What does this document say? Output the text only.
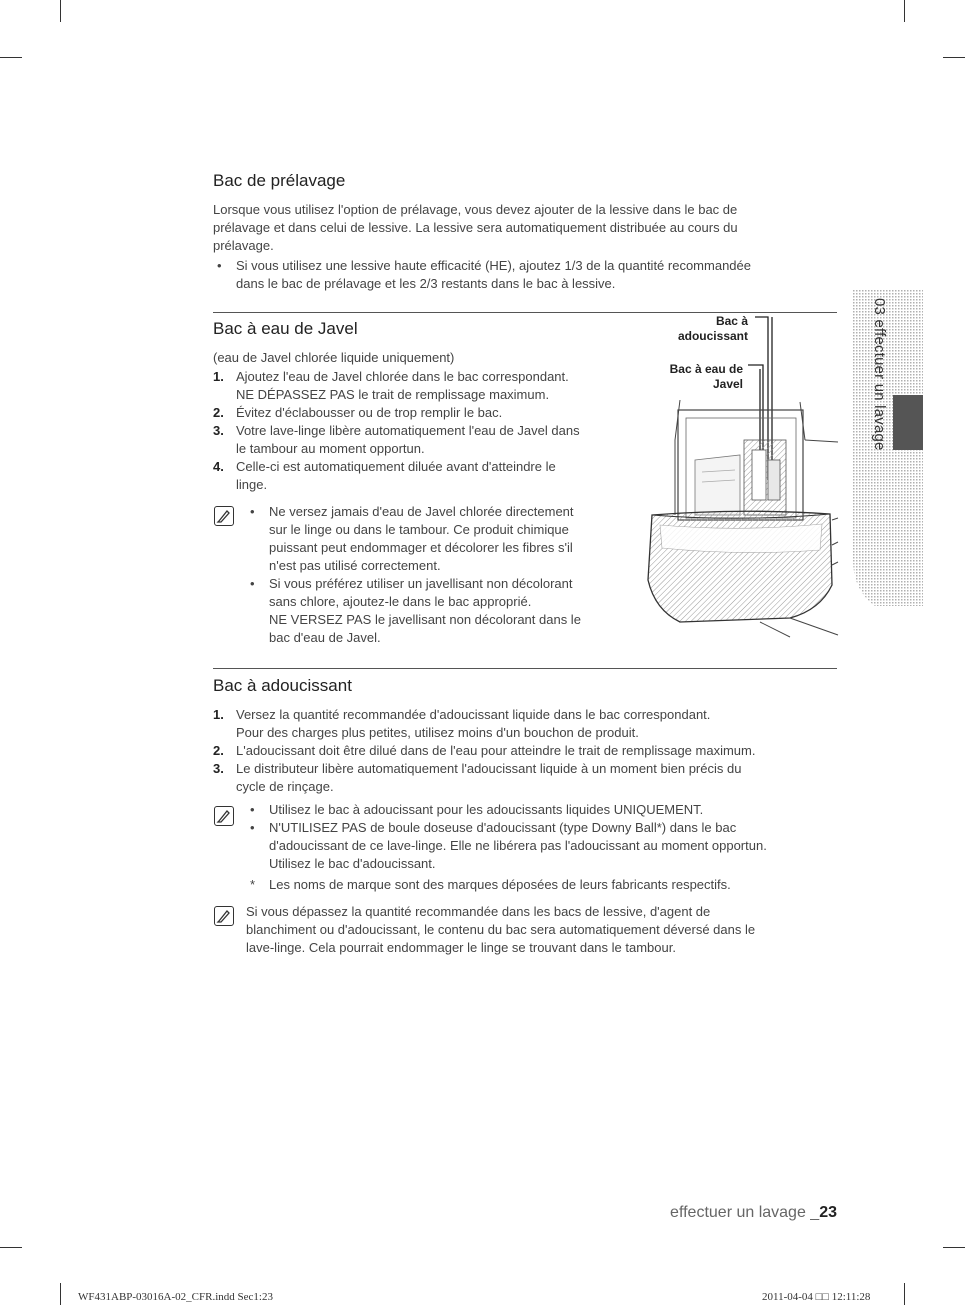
Bac de prélavage
Lorsque vous utilisez l'option de prélavage, vous devez ajouter de la lessive dans le bac de
prélavage et dans celui de lessive. La lessive sera automatiquement distribuée au cours du
prélavage.
• Si vous utilisez une lessive haute efficacité (HE), ajoutez 1/3 de la quantité recommandée
dans le bac de prélavage et les 2/3 restants dans le bac à lessive.
Bac à eau de Javel
(eau de Javel chlorée liquide uniquement)
1. Ajoutez l'eau de Javel chlorée dans le bac correspondant.
NE DÉPASSEZ PAS le trait de remplissage maximum.
2. Évitez d'éclabousser ou de trop remplir le bac.
3. Votre lave-linge libère automatiquement l'eau de Javel dans
le tambour au moment opportun.
4. Celle-ci est automatiquement diluée avant d'atteindre le
linge.
• Ne versez jamais d'eau de Javel chlorée directement
sur le linge ou dans le tambour. Ce produit chimique
puissant peut endommager et décolorer les fibres s'il
n'est pas utilisé correctement.
• Si vous préférez utiliser un javellisant non décolorant
sans chlore, ajoutez-le dans le bac approprié.
NE VERSEZ PAS le javellisant non décolorant dans le
bac d'eau de Javel.
Bac à
adoucissant
Bac à eau de
Javel
Bac à adoucissant
1. Versez la quantité recommandée d'adoucissant liquide dans le bac correspondant.
Pour des charges plus petites, utilisez moins d'un bouchon de produit.
2. L'adoucissant doit être dilué dans de l'eau pour atteindre le trait de remplissage maximum.
3. Le distributeur libère automatiquement l'adoucissant liquide à un moment bien précis du
cycle de rinçage.
• Utilisez le bac à adoucissant pour les adoucissants liquides UNIQUEMENT.
• N'UTILISEZ PAS de boule doseuse d'adoucissant (type Downy Ball*) dans le bac
d'adoucissant de ce lave-linge. Elle ne libérera pas l'adoucissant au moment opportun.
Utilisez le bac d'adoucissant.
* Les noms de marque sont des marques déposées de leurs fabricants respectifs.
Si vous dépassez la quantité recommandée dans les bacs de lessive, d'agent de
blanchiment ou d'adoucissant, le contenu du bac sera automatiquement déversé dans le
lave-linge. Cela pourrait endommager le linge se trouvant dans le tambour.
03 effectuer un lavage
effectuer un lavage _23
WF431ABP-03016A-02_CFR.indd Sec1:23	2011-04-04 □□ 12:11:28
